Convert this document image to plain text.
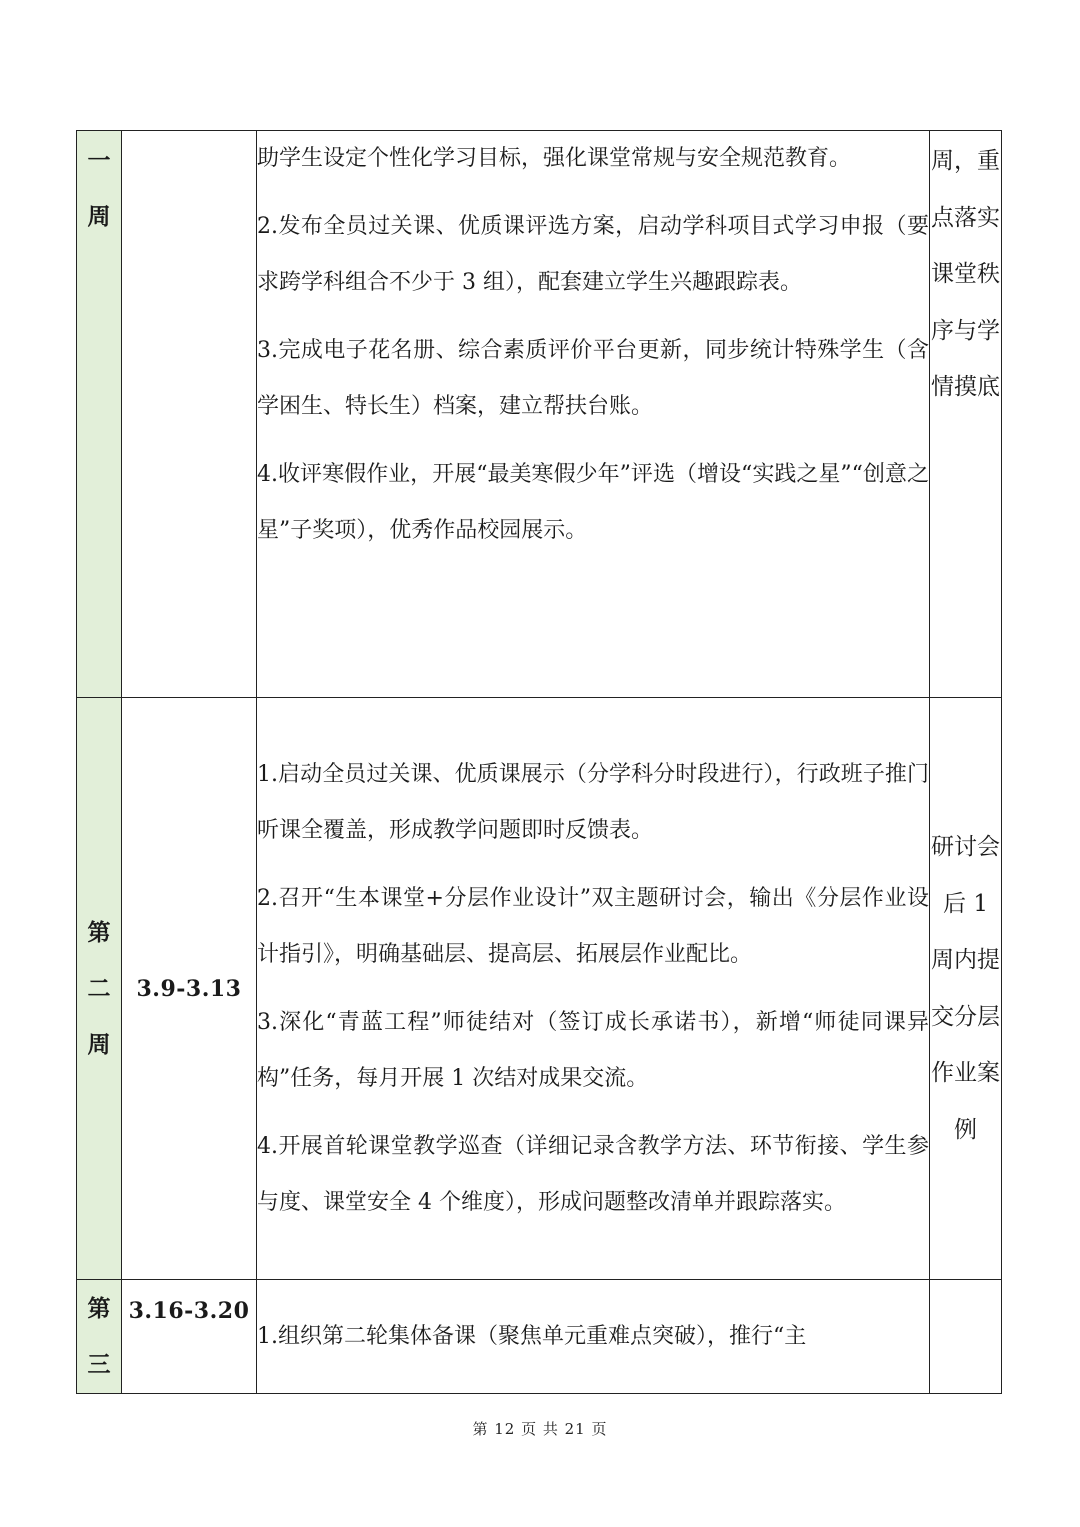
一周		助学生设定个性化学习目标，强化课堂常规与安全规范教育。

2.发布全员过关课、优质课评选方案，启动学科项目式学习申报（要求跨学科组合不少于 3 组），配套建立学生兴趣跟踪表。

3.完成电子花名册、综合素质评价平台更新，同步统计特殊学生（含学困生、特长生）档案，建立帮扶台账。

4.收评寒假作业，开展“最美寒假少年”评选（增设“实践之星”“创意之星”子奖项），优秀作品校园展示。	周，重点落实课堂秩序与学情摸底

第二周	3.9-3.13	1.启动全员过关课、优质课展示（分学科分时段进行），行政班子推门听课全覆盖，形成教学问题即时反馈表。

2.召开“生本课堂+分层作业设计”双主题研讨会，输出《分层作业设计指引》，明确基础层、提高层、拓展层作业配比。

3.深化“青蓝工程”师徒结对（签订成长承诺书），新增“师徒同课异构”任务，每月开展 1 次结对成果交流。

4.开展首轮课堂教学巡查（详细记录含教学方法、环节衔接、学生参与度、课堂安全 4 个维度），形成问题整改清单并跟踪落实。	研讨会后 1 周内提交分层作业案例

第三	3.16-3.20	1.组织第二轮集体备课（聚焦单元重难点突破），推行“主	

第 12 页 共 21 页
